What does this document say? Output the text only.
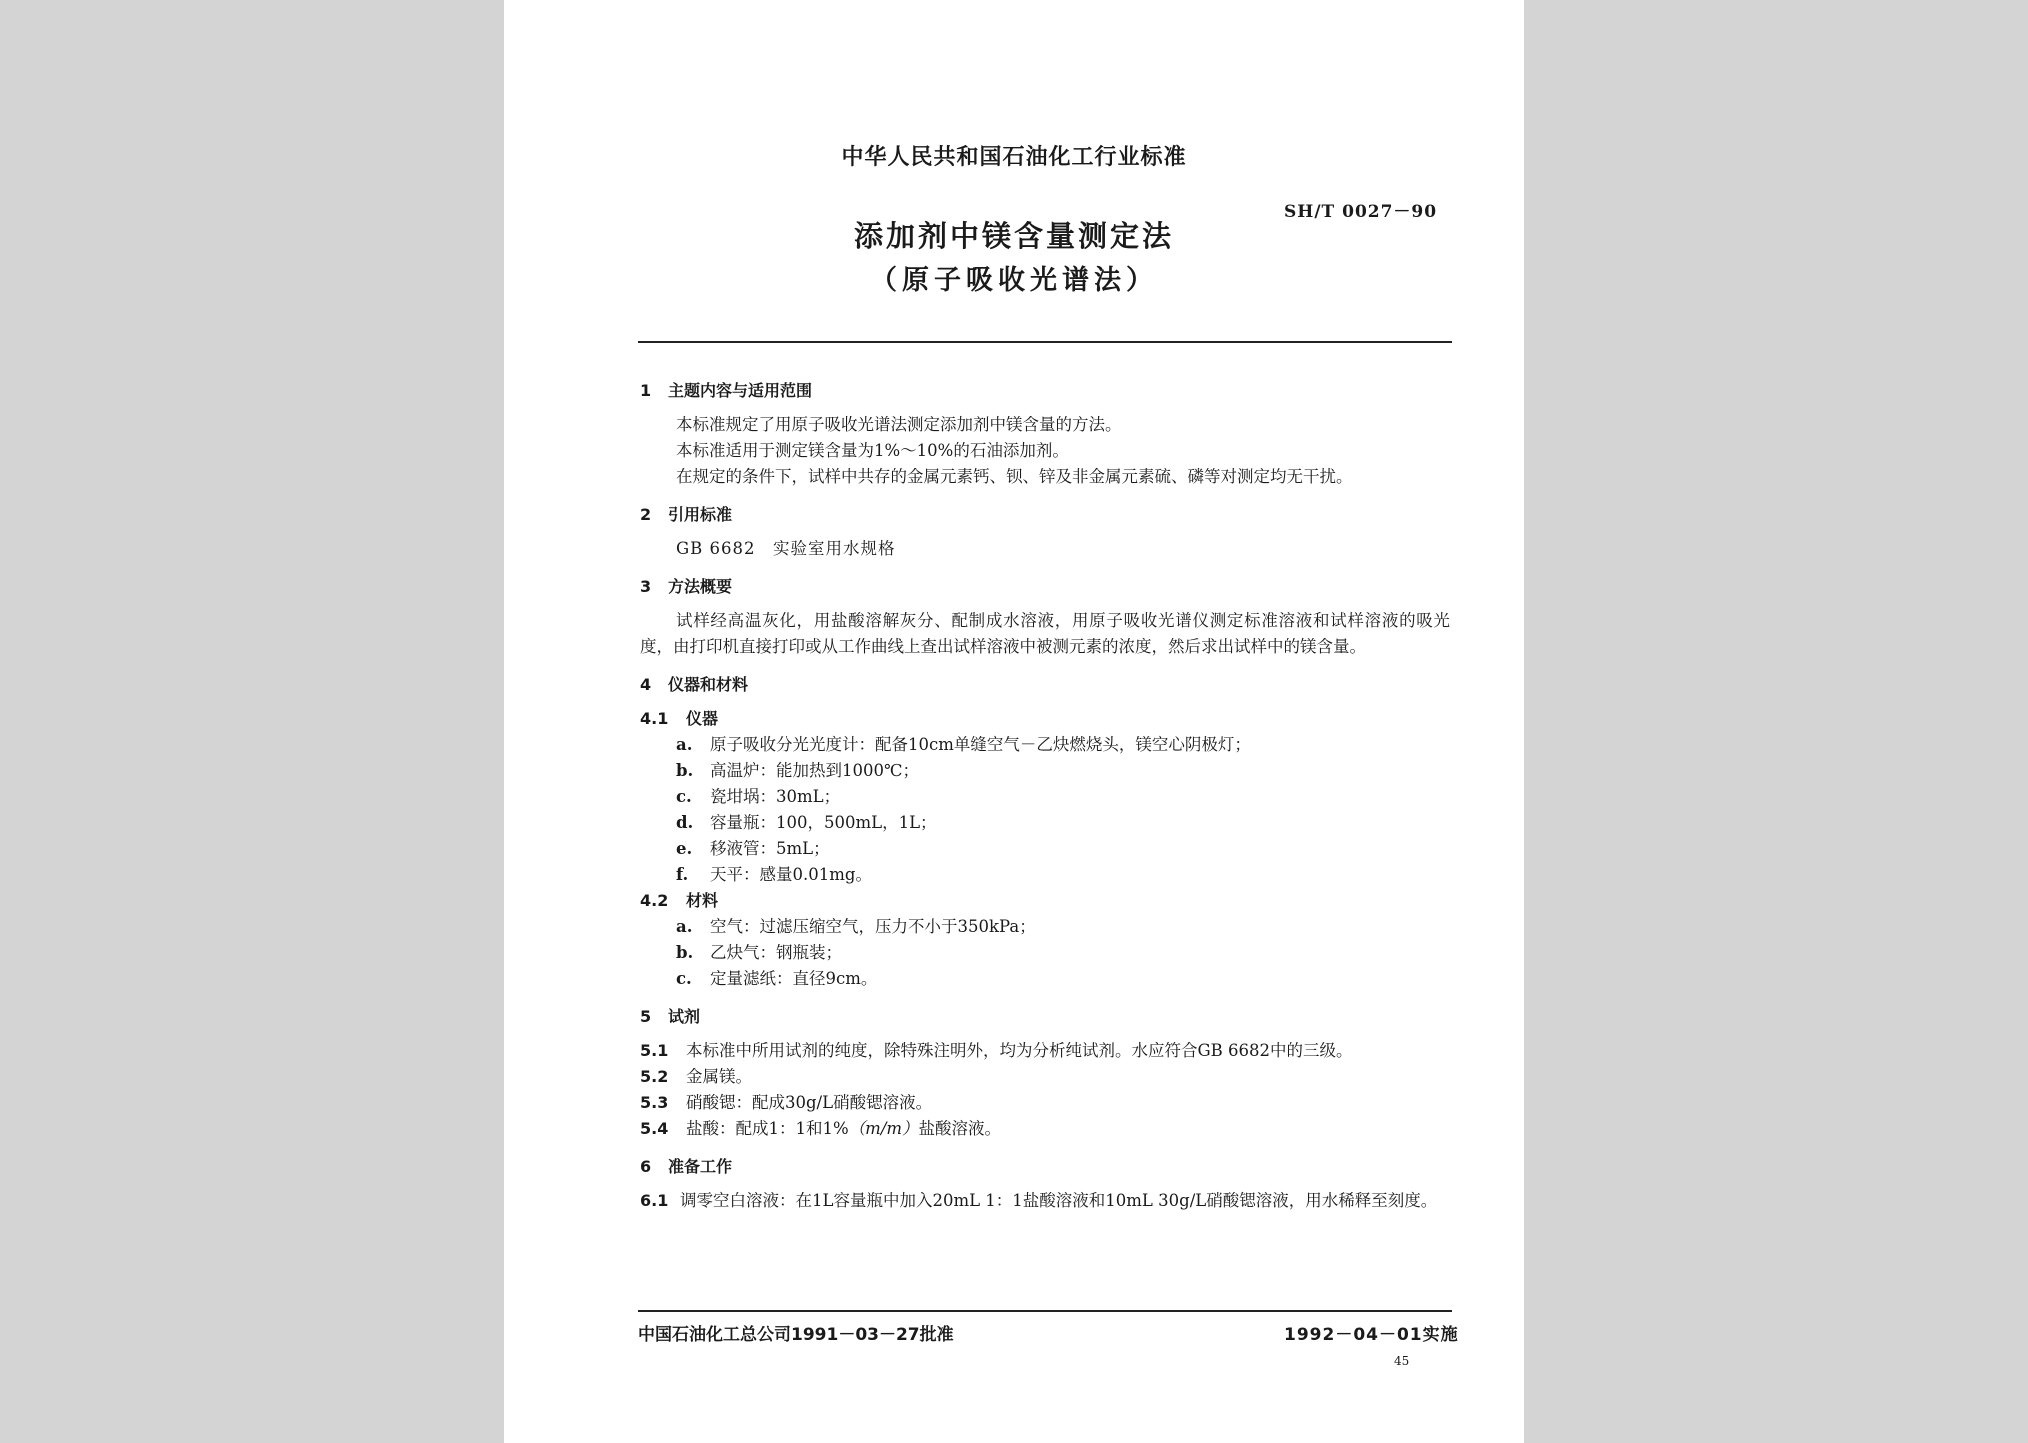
中华人民共和国石油化工行业标准
SH/T 0027－90
添加剂中镁含量测定法
（原子吸收光谱法）
1 主题内容与适用范围
本标准规定了用原子吸收光谱法测定添加剂中镁含量的方法。
本标准适用于测定镁含量为1%～10%的石油添加剂。
在规定的条件下，试样中共存的金属元素钙、钡、锌及非金属元素硫、磷等对测定均无干扰。
2 引用标准
GB 6682　实验室用水规格
3 方法概要
试样经高温灰化，用盐酸溶解灰分、配制成水溶液，用原子吸收光谱仪测定标准溶液和试样溶液的吸光度，由打印机直接打印或从工作曲线上查出试样溶液中被测元素的浓度，然后求出试样中的镁含量。
4 仪器和材料
4.1 仪器
a. 原子吸收分光光度计：配备10cm单缝空气－乙炔燃烧头，镁空心阴极灯；
b. 高温炉：能加热到1000℃；
c. 瓷坩埚：30mL；
d. 容量瓶：100，500mL，1L；
e. 移液管：5mL；
f. 天平：感量0.01mg。
4.2 材料
a. 空气：过滤压缩空气，压力不小于350kPa；
b. 乙炔气：钢瓶装；
c. 定量滤纸：直径9cm。
5 试剂
5.1 本标准中所用试剂的纯度，除特殊注明外，均为分析纯试剂。水应符合GB 6682中的三级。
5.2 金属镁。
5.3 硝酸锶：配成30g/L硝酸锶溶液。
5.4 盐酸：配成1：1和1%（m/m）盐酸溶液。
6 准备工作
6.1 调零空白溶液：在1L容量瓶中加入20mL 1：1盐酸溶液和10mL 30g/L硝酸锶溶液，用水稀释至刻度。
中国石油化工总公司1991－03－27批准	1992－04－01实施
45
